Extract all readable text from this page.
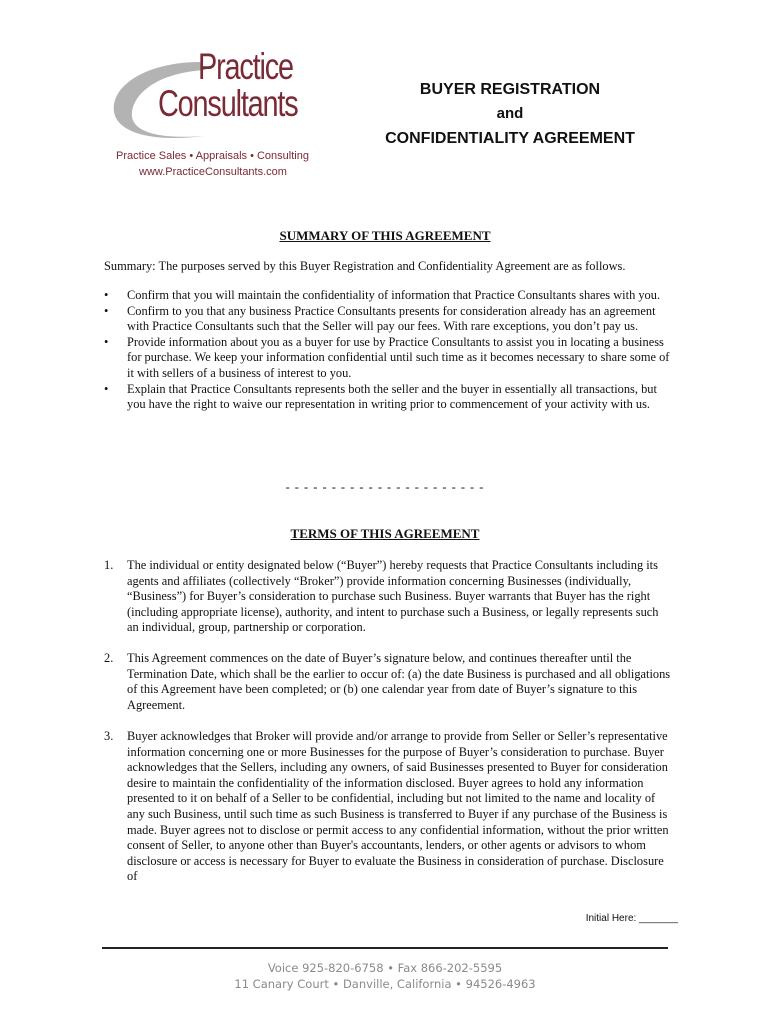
Practice
Consultants
Practice Sales • Appraisals • Consulting
www.PracticeConsultants.com
BUYER REGISTRATION
and
CONFIDENTIALITY AGREEMENT
SUMMARY OF THIS AGREEMENT
Summary: The purposes served by this Buyer Registration and Confidentiality Agreement are as follows.
• Confirm that you will maintain the confidentiality of information that Practice Consultants shares with you.
• Confirm to you that any business Practice Consultants presents for consideration already has an agreement with Practice Consultants such that the Seller will pay our fees. With rare exceptions, you don’t pay us.
• Provide information about you as a buyer for use by Practice Consultants to assist you in locating a business for purchase. We keep your information confidential until such time as it becomes necessary to share some of it with sellers of a business of interest to you.
• Explain that Practice Consultants represents both the seller and the buyer in essentially all transactions, but you have the right to waive our representation in writing prior to commencement of your activity with us.
- - - - - - - - - - - - - - - - - - - - - -
TERMS OF THIS AGREEMENT
1. The individual or entity designated below (“Buyer”) hereby requests that Practice Consultants including its agents and affiliates (collectively “Broker”) provide information concerning Businesses (individually, “Business”) for Buyer’s consideration to purchase such Business. Buyer warrants that Buyer has the right (including appropriate license), authority, and intent to purchase such a Business, or legally represents such an individual, group, partnership or corporation.
2. This Agreement commences on the date of Buyer’s signature below, and continues thereafter until the Termination Date, which shall be the earlier to occur of: (a) the date Business is purchased and all obligations of this Agreement have been completed; or (b) one calendar year from date of Buyer’s signature to this Agreement.
3. Buyer acknowledges that Broker will provide and/or arrange to provide from Seller or Seller’s representative information concerning one or more Businesses for the purpose of Buyer’s consideration to purchase. Buyer acknowledges that the Sellers, including any owners, of said Businesses presented to Buyer for consideration desire to maintain the confidentiality of the information disclosed. Buyer agrees to hold any information presented to it on behalf of a Seller to be confidential, including but not limited to the name and locality of any such Business, until such time as such Business is transferred to Buyer if any purchase of the Business is made. Buyer agrees not to disclose or permit access to any confidential information, without the prior written consent of Seller, to anyone other than Buyer's accountants, lenders, or other agents or advisors to whom disclosure or access is necessary for Buyer to evaluate the Business in consideration of purchase. Disclosure of
Initial Here: _______
Voice 925-820-6758 • Fax 866-202-5595
11 Canary Court • Danville, California • 94526-4963
